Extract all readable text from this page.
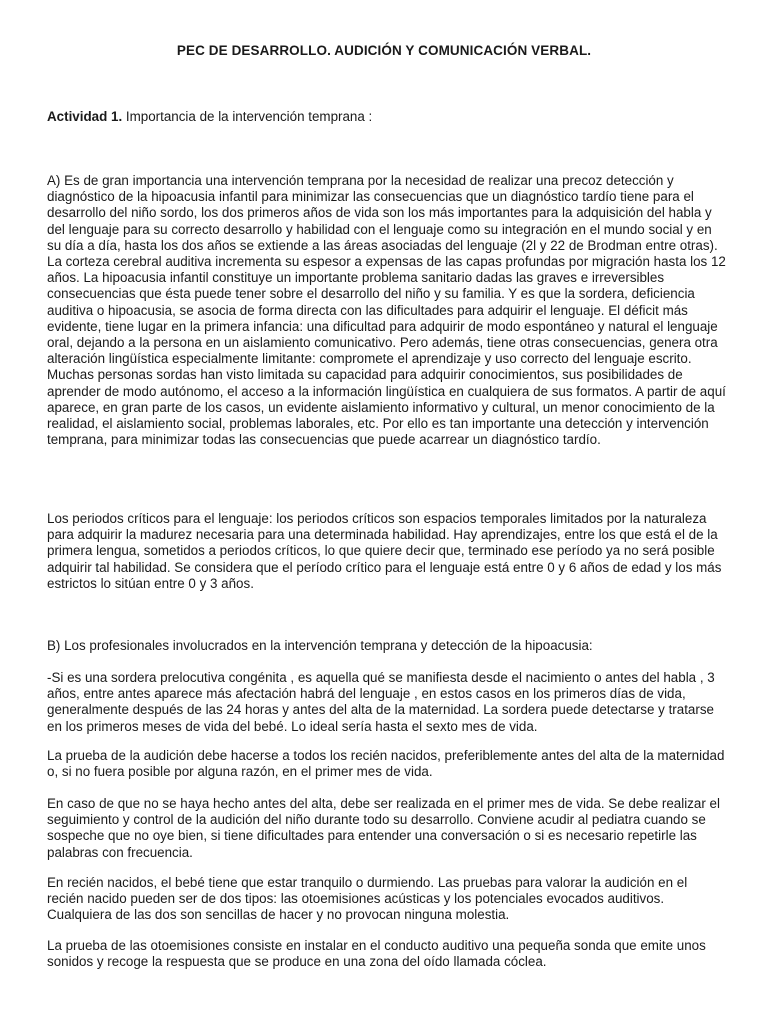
PEC DE DESARROLLO. AUDICIÓN Y COMUNICACIÓN VERBAL.

Actividad 1. Importancia de la intervención temprana :

A) Es de gran importancia una intervención temprana por la necesidad de realizar una precoz detección y diagnóstico de la hipoacusia infantil para minimizar las consecuencias que un diagnóstico tardío tiene para el desarrollo del niño sordo, los dos primeros años de vida son los más importantes para la adquisición del habla y del lenguaje para su correcto desarrollo y habilidad con el lenguaje como su integración en el mundo social y en su día a día, hasta los dos años se extiende a las áreas asociadas del lenguaje (2l y 22 de Brodman entre otras). La corteza cerebral auditiva incrementa su espesor a expensas de las capas profundas por migración hasta los 12 años. La hipoacusia infantil constituye un importante problema sanitario dadas las graves e irreversibles consecuencias que ésta puede tener sobre el desarrollo del niño y su familia. Y es que la sordera, deficiencia auditiva o hipoacusia, se asocia de forma directa con las dificultades para adquirir el lenguaje. El déficit más evidente, tiene lugar en la primera infancia: una dificultad para adquirir de modo espontáneo y natural el lenguaje oral, dejando a la persona en un aislamiento comunicativo. Pero además, tiene otras consecuencias, genera otra alteración lingüística especialmente limitante: compromete el aprendizaje y uso correcto del lenguaje escrito. Muchas personas sordas han visto limitada su capacidad para adquirir conocimientos, sus posibilidades de aprender de modo autónomo, el acceso a la información lingüística en cualquiera de sus formatos. A partir de aquí aparece, en gran parte de los casos, un evidente aislamiento informativo y cultural, un menor conocimiento de la realidad, el aislamiento social, problemas laborales, etc. Por ello es tan importante una detección y intervención temprana, para minimizar todas las consecuencias que puede acarrear un diagnóstico tardío.

Los periodos críticos para el lenguaje: los periodos críticos son espacios temporales limitados por la naturaleza para adquirir la madurez necesaria para una determinada habilidad. Hay aprendizajes, entre los que está el de la primera lengua, sometidos a periodos críticos, lo que quiere decir que, terminado ese período ya no será posible adquirir tal habilidad. Se considera que el período crítico para el lenguaje está entre 0 y 6 años de edad y los más estrictos lo sitúan entre 0 y 3 años.

B) Los profesionales involucrados en la intervención temprana y detección de la hipoacusia:

-Si es una sordera prelocutiva congénita , es aquella qué se manifiesta desde el nacimiento o antes del habla , 3 años, entre antes aparece más afectación habrá del lenguaje , en estos casos en los primeros días de vida, generalmente después de las 24 horas y antes del alta de la maternidad. La sordera puede detectarse y tratarse en los primeros meses de vida del bebé. Lo ideal sería hasta el sexto mes de vida.

La prueba de la audición debe hacerse a todos los recién nacidos, preferiblemente antes del alta de la maternidad o, si no fuera posible por alguna razón, en el primer mes de vida.

En caso de que no se haya hecho antes del alta, debe ser realizada en el primer mes de vida. Se debe realizar el seguimiento y control de la audición del niño durante todo su desarrollo. Conviene acudir al pediatra cuando se sospeche que no oye bien, si tiene dificultades para entender una conversación o si es necesario repetirle las palabras con frecuencia.

En recién nacidos, el bebé tiene que estar tranquilo o durmiendo. Las pruebas para valorar la audición en el recién nacido pueden ser de dos tipos: las otoemisiones acústicas y los potenciales evocados auditivos. Cualquiera de las dos son sencillas de hacer y no provocan ninguna molestia.

La prueba de las otoemisiones consiste en instalar en el conducto auditivo una pequeña sonda que emite unos sonidos y recoge la respuesta que se produce en una zona del oído llamada cóclea.
